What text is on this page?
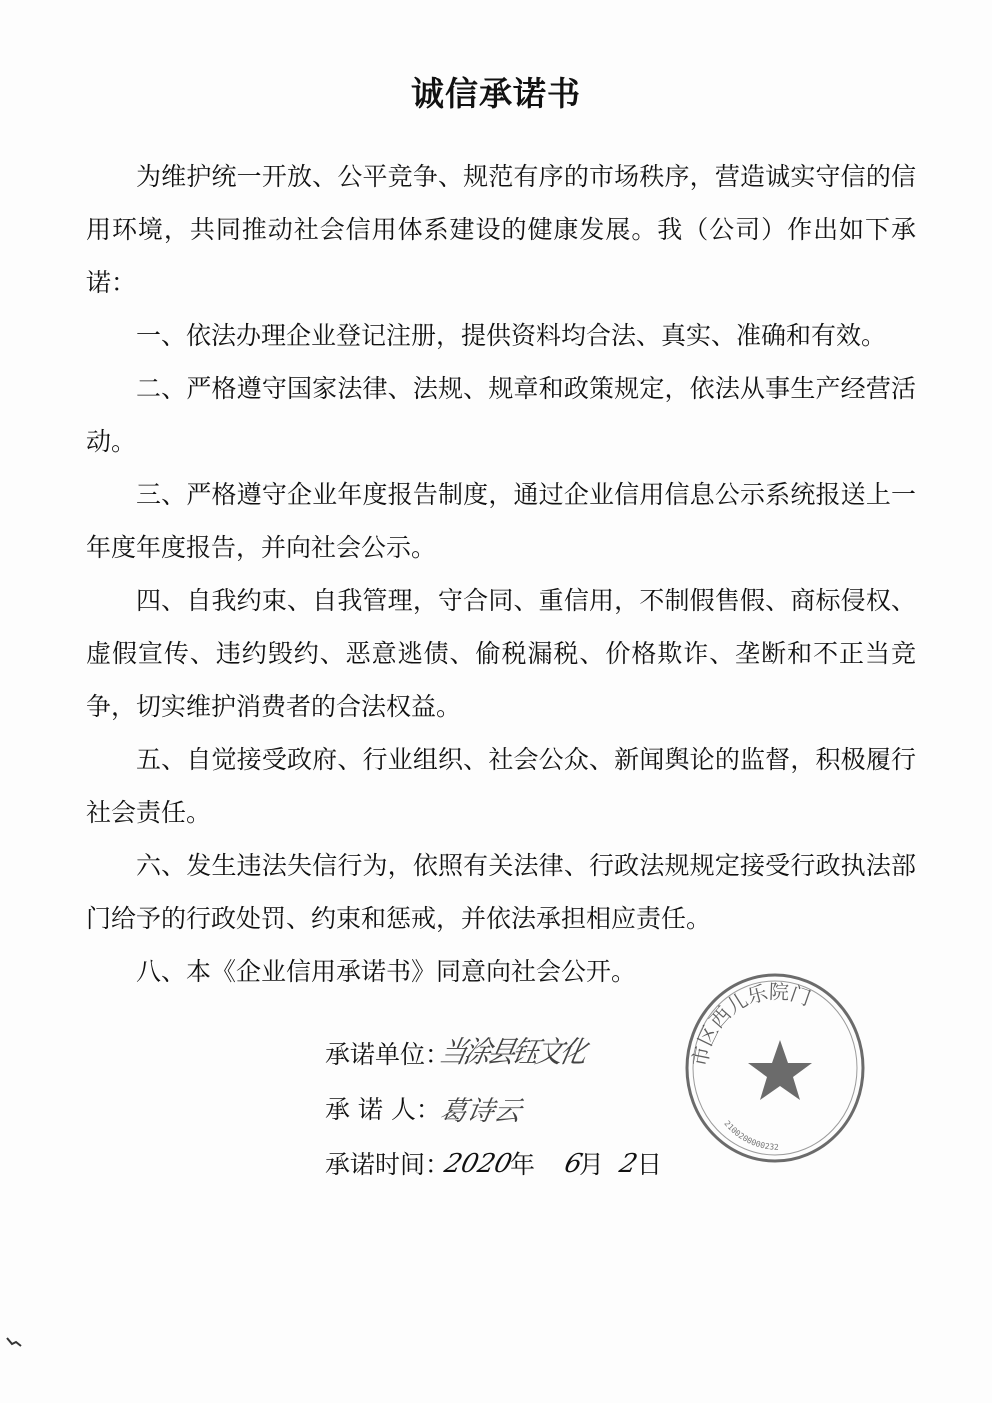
诚信承诺书

为维护统一开放、公平竞争、规范有序的市场秩序，营造诚实守信的信用环境，共同推动社会信用体系建设的健康发展。我（公司）作出如下承诺：

一、依法办理企业登记注册，提供资料均合法、真实、准确和有效。

二、严格遵守国家法律、法规、规章和政策规定，依法从事生产经营活动。

三、严格遵守企业年度报告制度，通过企业信用信息公示系统报送上一年度年度报告，并向社会公示。

四、自我约束、自我管理，守合同、重信用，不制假售假、商标侵权、虚假宣传、违约毁约、恶意逃债、偷税漏税、价格欺诈、垄断和不正当竞争，切实维护消费者的合法权益。

五、自觉接受政府、行业组织、社会公众、新闻舆论的监督，积极履行社会责任。

六、发生违法失信行为，依照有关法律、行政法规规定接受行政执法部门给予的行政处罚、约束和惩戒，并依法承担相应责任。

八、本《企业信用承诺书》同意向社会公开。

承诺单位：
当涂县钰文化
承 诺 人：
葛诗云
承诺时间：
2020
年 6
月 2
日
市区西儿乐院门
2100200000232
